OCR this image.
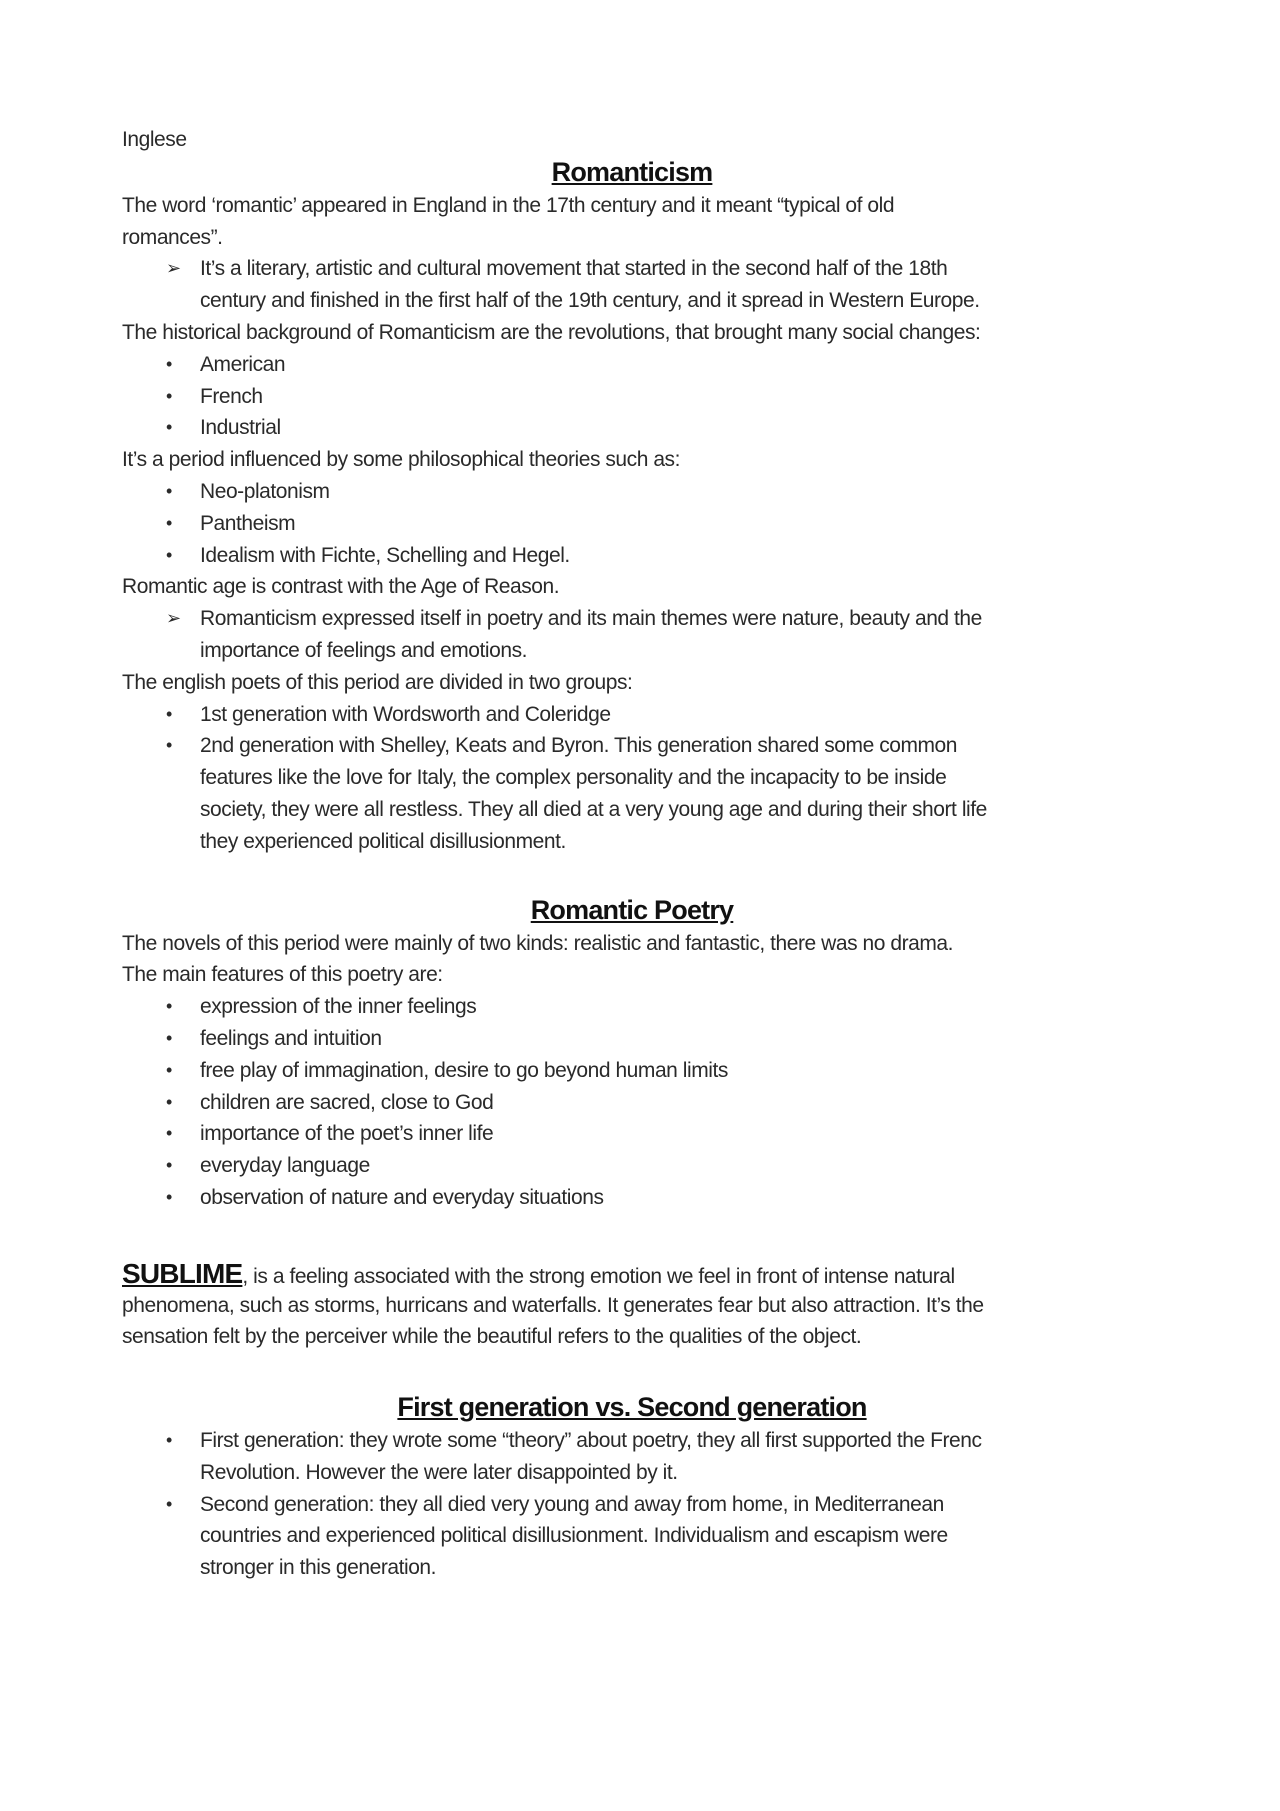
Inglese
Romanticism
The word ‘romantic’ appeared in England in the 17th century and it meant “typical of old
romances”.
➢ It’s a literary, artistic and cultural movement that started in the second half of the 18th
century and finished in the first half of the 19th century, and it spread in Western Europe.
The historical background of Romanticism are the revolutions, that brought many social changes:
• American
• French
• Industrial
It’s a period influenced by some philosophical theories such as:
• Neo-platonism
• Pantheism
• Idealism with Fichte, Schelling and Hegel.
Romantic age is contrast with the Age of Reason.
➢ Romanticism expressed itself in poetry and its main themes were nature, beauty and the
importance of feelings and emotions.
The english poets of this period are divided in two groups:
• 1st generation with Wordsworth and Coleridge
• 2nd generation with Shelley, Keats and Byron. This generation shared some common
features like the love for Italy, the complex personality and the incapacity to be inside
society, they were all restless. They all died at a very young age and during their short life
they experienced political disillusionment.
Romantic Poetry
The novels of this period were mainly of two kinds: realistic and fantastic, there was no drama.
The main features of this poetry are:
• expression of the inner feelings
• feelings and intuition
• free play of immagination, desire to go beyond human limits
• children are sacred, close to God
• importance of the poet’s inner life
• everyday language
• observation of nature and everyday situations
SUBLIME, is a feeling associated with the strong emotion we feel in front of intense natural
phenomena, such as storms, hurricans and waterfalls. It generates fear but also attraction. It’s the
sensation felt by the perceiver while the beautiful refers to the qualities of the object.
First generation vs. Second generation
• First generation: they wrote some “theory” about poetry, they all first supported the Frenc
Revolution. However the were later disappointed by it.
• Second generation: they all died very young and away from home, in Mediterranean
countries and experienced political disillusionment. Individualism and escapism were
stronger in this generation.
